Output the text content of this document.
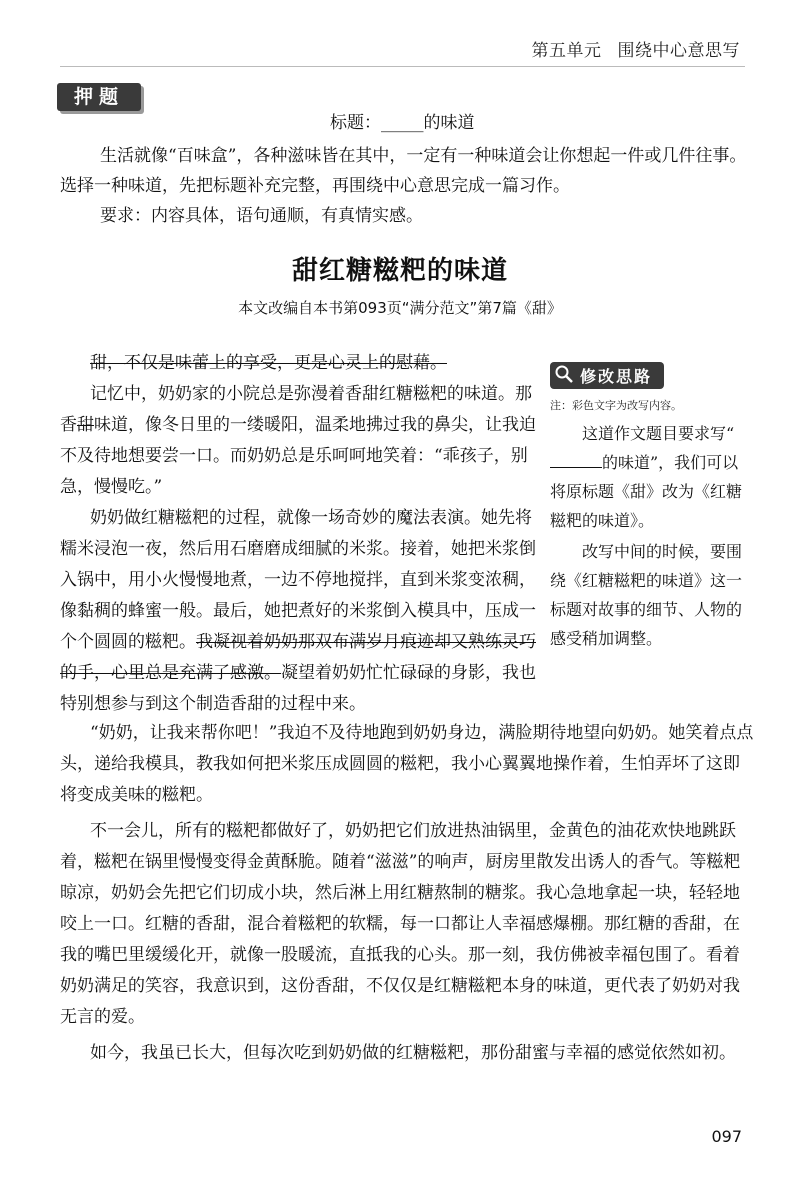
第五单元 围绕中心意思写
押题
标题：_____的味道
生活就像“百味盒”，各种滋味皆在其中，一定有一种味道会让你想起一件或几件往事。选择一种味道，先把标题补充完整，再围绕中心意思完成一篇习作。
要求：内容具体，语句通顺，有真情实感。
甜红糖糍粑的味道
本文改编自本书第093页“满分范文”第7篇《甜》

甜，不仅是味蕾上的享受，更是心灵上的慰藉。

记忆中，奶奶家的小院总是弥漫着香甜红糖糍粑的味道。那香甜味道，像冬日里的一缕暖阳，温柔地拂过我的鼻尖，让我迫不及待地想要尝一口。而奶奶总是乐呵呵地笑着：“乖孩子，别急，慢慢吃。”

奶奶做红糖糍粑的过程，就像一场奇妙的魔法表演。她先将糯米浸泡一夜，然后用石磨磨成细腻的米浆。接着，她把米浆倒入锅中，用小火慢慢地煮，一边不停地搅拌，直到米浆变浓稠，像黏稠的蜂蜜一般。最后，她把煮好的米浆倒入模具中，压成一个个圆圆的糍粑。我凝视着奶奶那双布满岁月痕迹却又熟练灵巧的手，心里总是充满了感激。凝望着奶奶忙忙碌碌的身影，我也特别想参与到这个制造香甜的过程中来。

修改思路
注：彩色文字为改写内容。

这道作文题目要求写“的味道”，我们可以将原标题《甜》改为《红糖糍粑的味道》。

改写中间的时候，要围绕《红糖糍粑的味道》这一标题对故事的细节、人物的感受稍加调整。

“奶奶，让我来帮你吧！”我迫不及待地跑到奶奶身边，满脸期待地望向奶奶。她笑着点点头，递给我模具，教我如何把米浆压成圆圆的糍粑，我小心翼翼地操作着，生怕弄坏了这即将变成美味的糍粑。

不一会儿，所有的糍粑都做好了，奶奶把它们放进热油锅里，金黄色的油花欢快地跳跃着，糍粑在锅里慢慢变得金黄酥脆。随着“滋滋”的响声，厨房里散发出诱人的香气。等糍粑晾凉，奶奶会先把它们切成小块，然后淋上用红糖熬制的糖浆。我心急地拿起一块，轻轻地咬上一口。红糖的香甜，混合着糍粑的软糯，每一口都让人幸福感爆棚。那红糖的香甜，在我的嘴巴里缓缓化开，就像一股暖流，直抵我的心头。那一刻，我仿佛被幸福包围了。看着奶奶满足的笑容，我意识到，这份香甜，不仅仅是红糖糍粑本身的味道，更代表了奶奶对我无言的爱。

如今，我虽已长大，但每次吃到奶奶做的红糖糍粑，那份甜蜜与幸福的感觉依然如初。

097
